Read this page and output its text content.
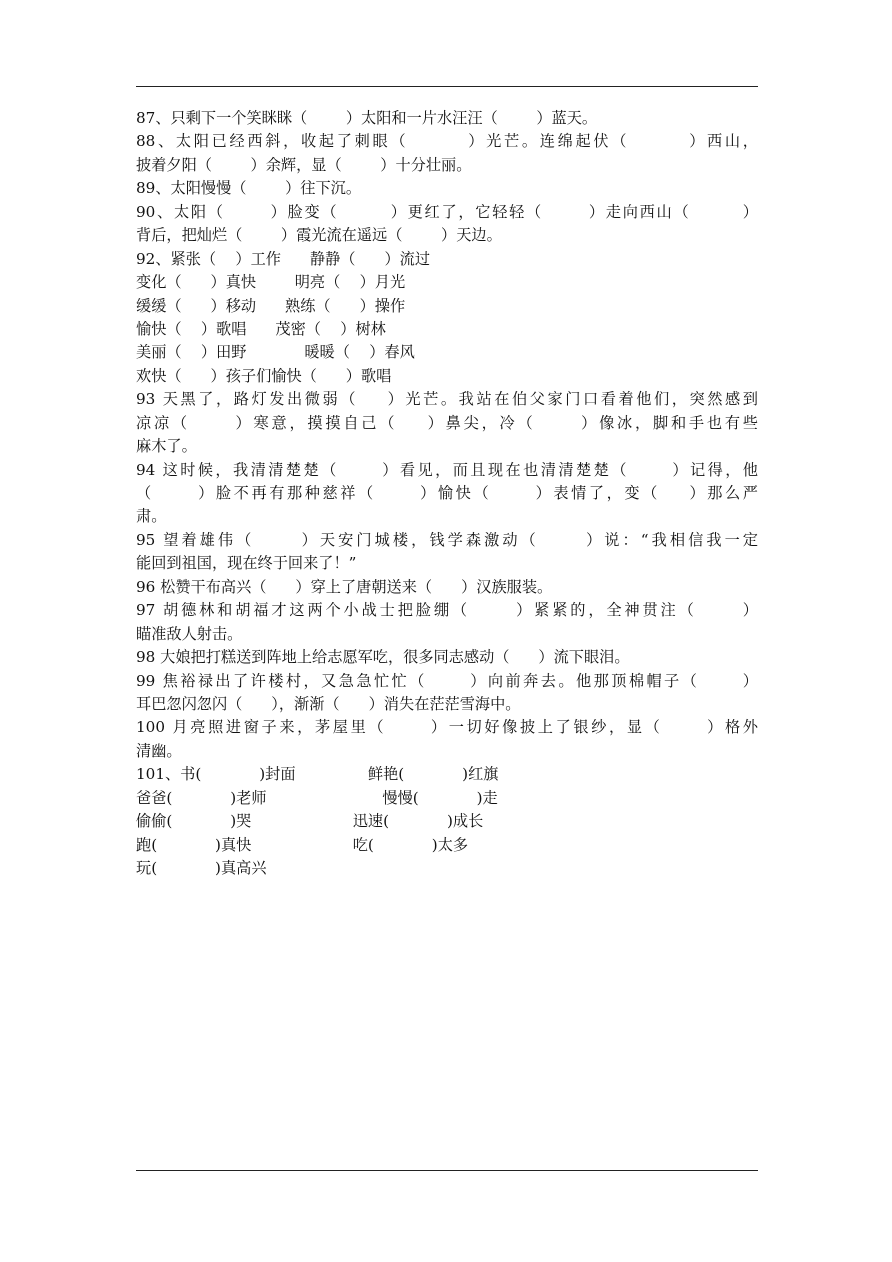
87、只剩下一个笑眯眯（        ）太阳和一片水汪汪（        ）蓝天。
88、太阳已经西斜，收起了刺眼（        ）光芒。连绵起伏（        ）西山，
披着夕阳（        ）余辉，显（        ）十分壮丽。
89、太阳慢慢（        ）往下沉。
90、太阳（       ）脸变（        ）更红了，它轻轻（       ）走向西山（        ）
背后，把灿烂（        ）霞光流在遥远（        ）天边。
92、紧张（    ）工作      静静（      ）流过
变化（      ）真快        明亮（    ）月光
缓缓（      ）移动      熟练（      ）操作
愉快（    ）歌唱      茂密（    ）树林
美丽（    ）田野            暖暖（    ）春风
欢快（      ）孩子们愉快（      ）歌唱
93 天黑了，路灯发出微弱（    ）光芒。我站在伯父家门口看着他们，突然感到
凉凉（      ）寒意，摸摸自己（    ）鼻尖，冷（      ）像冰，脚和手也有些
麻木了。
94 这时候，我清清楚楚（      ）看见，而且现在也清清楚楚（      ）记得，他
（      ）脸不再有那种慈祥（      ）愉快（      ）表情了，变（    ）那么严
肃。
95 望着雄伟（      ）天安门城楼，钱学森激动（      ）说：“我相信我一定
能回到祖国，现在终于回来了！”
96 松赞干布高兴（      ）穿上了唐朝送来（      ）汉族服装。
97 胡德林和胡福才这两个小战士把脸绷（      ）紧紧的，全神贯注（      ）
瞄准敌人射击。
98 大娘把打糕送到阵地上给志愿军吃，很多同志感动（      ）流下眼泪。
99 焦裕禄出了许楼村，又急急忙忙（      ）向前奔去。他那顶棉帽子（      ）
耳巴忽闪忽闪（      ），渐渐（      ）消失在茫茫雪海中。
100 月亮照进窗子来，茅屋里（      ）一切好像披上了银纱，显（      ）格外
清幽。
101、书(            )封面               鲜艳(            )红旗
爸爸(            )老师                        慢慢(            )走
偷偷(            )哭                     迅速(            )成长
跑(            )真快                     吃(            )太多
玩(            )真高兴
